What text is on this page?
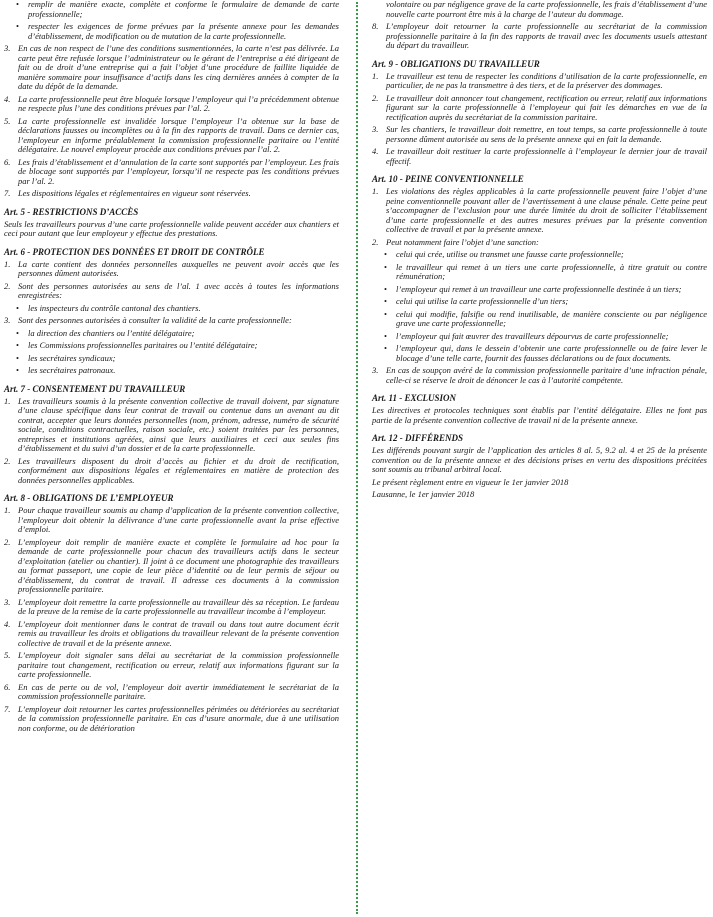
•	remplir de manière exacte, complète et conforme le formulaire de demande de carte professionnelle;
•	respecter les exigences de forme prévues par la présente annexe pour les demandes d’établissement, de modification ou de mutation de la carte professionnelle.
3. En cas de non respect de l’une des conditions susmentionnées, la carte n’est pas délivrée. La carte peut être refusée lorsque l’administrateur ou le gérant de l’entreprise a été dirigeant de fait ou de droit d’une entreprise qui a fait l’objet d’une procédure de faillite liquidée de manière sommaire pour insuffisance d’actifs dans les cinq dernières années à compter de la date du dépôt de la demande.
4. La carte professionnelle peut être bloquée lorsque l’employeur qui l’a précédemment obtenue ne respecte plus l’une des conditions prévues par l’al. 2.
5. La carte professionnelle est invalidée lorsque l’employeur l’a obtenue sur la base de déclarations fausses ou incomplètes ou à la fin des rapports de travail. Dans ce dernier cas, l’employeur en informe préalablement la commission professionnelle paritaire ou l’entité délégataire. Le nouvel employeur procède aux conditions prévues par l’al. 2.
6. Les frais d’établissement et d’annulation de la carte sont supportés par l’employeur. Les frais de blocage sont supportés par l’employeur, lorsqu’il ne respecte pas les conditions prévues par l’al. 2.
7. Les dispositions légales et réglementaires en vigueur sont réservées.
Art. 5 - RESTRICTIONS D’ACCÈS

Seuls les travailleurs pourvus d’une carte professionnelle valide peuvent accéder aux chantiers et ceci pour autant que leur employeur y effectue des prestations.

Art. 6 - PROTECTION DES DONNÉES ET DROIT DE CONTRÔLE
1. La carte contient des données personnelles auxquelles ne peuvent avoir accès que les personnes dûment autorisées.
2. Sont des personnes autorisées au sens de l’al. 1 avec accès à toutes les informations enregistrées:
•	les inspecteurs du contrôle cantonal des chantiers.
3. Sont des personnes autorisées à consulter la validité de la carte professionnelle:
•	la direction des chantiers ou l’entité délégataire;
•	les Commissions professionnelles paritaires ou l’entité délégataire;
•	les secrétaires syndicaux;
•	les secrétaires patronaux.
Art. 7 - CONSENTEMENT DU TRAVAILLEUR
1. Les travailleurs soumis à la présente convention collective de travail doivent, par signature d’une clause spécifique dans leur contrat de travail ou contenue dans un avenant au dit contrat, accepter que leurs données personnelles (nom, prénom, adresse, numéro de sécurité sociale, conditions contractuelles, raison sociale, etc.) soient traitées par les personnes, entreprises et institutions agréées, ainsi que leurs auxiliaires et ceci aux seules fins d’établissement et du suivi d’un dossier et de la carte professionnelle.
2. Les travailleurs disposent du droit d’accès au fichier et du droit de rectification, conformément aux dispositions légales et réglementaires en matière de protection des données personnelles applicables.
Art. 8 - OBLIGATIONS DE L’EMPLOYEUR
1. Pour chaque travailleur soumis au champ d’application de la présente convention collective, l’employeur doit obtenir la délivrance d’une carte professionnelle avant la prise effective d’emploi.
2. L’employeur doit remplir de manière exacte et complète le formulaire ad hoc pour la demande de carte professionnelle pour chacun des travailleurs actifs dans le secteur d’exploitation (atelier ou chantier). Il joint à ce document une photographie des travailleurs au format passeport, une copie de leur pièce d’identité ou de leur permis de séjour ou d’établissement, du contrat de travail. Il adresse ces documents à la commission professionnelle paritaire.
3. L’employeur doit remettre la carte professionnelle au travailleur dès sa réception. Le fardeau de la preuve de la remise de la carte professionnelle au travailleur incombe à l’employeur.
4. L’employeur doit mentionner dans le contrat de travail ou dans tout autre document écrit remis au travailleur les droits et obligations du travailleur relevant de la présente convention collective de travail et de la présente annexe.
5. L’employeur doit signaler sans délai au secrétariat de la commission professionnelle paritaire tout changement, rectification ou erreur, relatif aux informations figurant sur la carte professionnelle.
6. En cas de perte ou de vol, l’employeur doit avertir immédiatement le secrétariat de la commission professionnelle paritaire.
7. L’employeur doit retourner les cartes professionnelles périmées ou détériorées au secrétariat de la commission professionnelle paritaire. En cas d’usure anormale, due à une utilisation non conforme, ou de détérioration

volontaire ou par négligence grave de la carte professionnelle, les frais d’établissement d’une nouvelle carte pourront être mis à la charge de l’auteur du dommage.

8. L’employeur doit retourner la carte professionnelle au secrétariat de la commission professionnelle paritaire à la fin des rapports de travail avec les documents usuels attestant du départ du travailleur.
Art. 9 - OBLIGATIONS DU TRAVAILLEUR
1. Le travailleur est tenu de respecter les conditions d’utilisation de la carte professionnelle, en particulier, de ne pas la transmettre à des tiers, et de la préserver des dommages.
2. Le travailleur doit annoncer tout changement, rectification ou erreur, relatif aux informations figurant sur la carte professionnelle à l’employeur qui fait les démarches en vue de la rectification auprès du secrétariat de la commission paritaire.
3. Sur les chantiers, le travailleur doit remettre, en tout temps, sa carte professionnelle à toute personne dûment autorisée au sens de la présente annexe qui en fait la demande.
4. Le travailleur doit restituer la carte professionnelle à l’employeur le dernier jour de travail effectif.
Art. 10 - PEINE CONVENTIONNELLE
1. Les violations des règles applicables à la carte professionnelle peuvent faire l’objet d’une peine conventionnelle pouvant aller de l’avertissement à une clause pénale. Cette peine peut s’accompagner de l’exclusion pour une durée limitée du droit de solliciter l’établissement d’une carte professionnelle et des autres mesures prévues par la présente convention collective de travail et par la présente annexe.
2. Peut notamment faire l’objet d’une sanction:
•	celui qui crée, utilise ou transmet une fausse carte professionnelle;
•	le travailleur qui remet à un tiers une carte professionnelle, à titre gratuit ou contre rémunération;
•	l’employeur qui remet à un travailleur une carte professionnelle destinée à un tiers;
•	celui qui utilise la carte professionnelle d’un tiers;
•	celui qui modifie, falsifie ou rend inutilisable, de manière consciente ou par négligence grave une carte professionnelle;
•	l’employeur qui fait œuvrer des travailleurs dépourvus de carte professionnelle;
•	l’employeur qui, dans le dessein d’obtenir une carte professionnelle ou de faire lever le blocage d’une telle carte, fournit des fausses déclarations ou de faux documents.
3. En cas de soupçon avéré de la commission professionnelle paritaire d’une infraction pénale, celle-ci se réserve le droit de dénoncer le cas à l’autorité compétente.
Art. 11 - EXCLUSION

Les directives et protocoles techniques sont établis par l’entité délégataire. Elles ne font pas partie de la présente convention collective de travail ni de la présente annexe.

Art. 12 - DIFFÉRENDS

Les différends pouvant surgir de l’application des articles 8 al. 5, 9.2 al. 4 et 25 de la présente convention ou de la présente annexe et des décisions prises en vertu des dispositions précitées sont soumis au tribunal arbitral local.

Le présent règlement entre en vigueur le 1er janvier 2018

Lausanne, le 1er janvier 2018
